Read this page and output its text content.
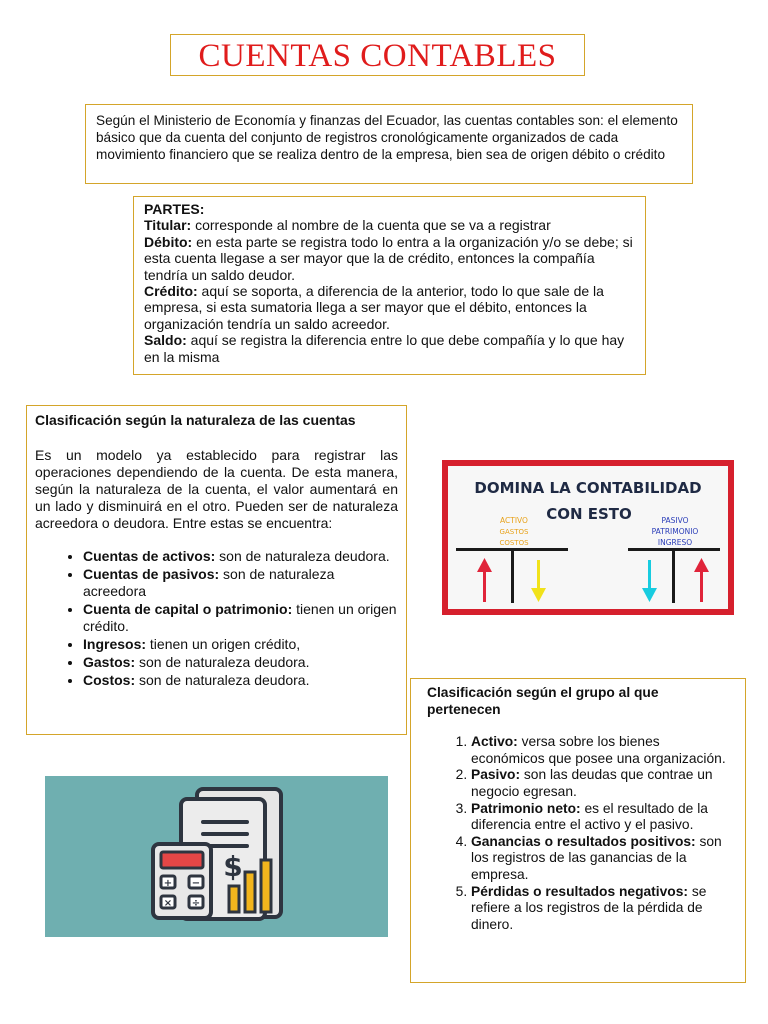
CUENTAS CONTABLES
Según el Ministerio de Economía y finanzas del Ecuador, las cuentas contables son: el elemento básico que da cuenta del conjunto de registros cronológicamente organizados de cada movimiento financiero que se realiza dentro de la empresa, bien sea de origen débito o crédito
PARTES:
Titular: corresponde al nombre de la cuenta que se va a registrar
Débito: en esta parte se registra todo lo entra a la organización y/o se debe; si esta cuenta llegase a ser mayor que la de crédito, entonces la compañía tendría un saldo deudor.
Crédito: aquí se soporta, a diferencia de la anterior, todo lo que sale de la empresa, si esta sumatoria llega a ser mayor que el débito, entonces la organización tendría un saldo acreedor.
Saldo: aquí se registra la diferencia entre lo que debe compañía y lo que hay en la misma
Clasificación según la naturaleza de las cuentas
Es un modelo ya establecido para registrar las operaciones dependiendo de la cuenta. De esta manera, según la naturaleza de la cuenta, el valor aumentará en un lado y disminuirá en el otro. Pueden ser de naturaleza acreedora o deudora. Entre estas se encuentra:
• Cuentas de activos: son de naturaleza deudora.
• Cuentas de pasivos: son de naturaleza acreedora
• Cuenta de capital o patrimonio: tienen un origen crédito.
• Ingresos: tienen un origen crédito,
• Gastos: son de naturaleza deudora.
• Costos: son de naturaleza deudora.
DOMINA LA CONTABILIDAD
CON ESTO
ACTIVO
GASTOS
COSTOS
PASIVO
PATRIMONIO
INGRESO
Clasificación según el grupo al que pertenecen
1. Activo: versa sobre los bienes económicos que posee una organización.
2. Pasivo: son las deudas que contrae un negocio egresan.
3. Patrimonio neto: es el resultado de la diferencia entre el activo y el pasivo.
4. Ganancias o resultados positivos: son los registros de las ganancias de la empresa.
5. Pérdidas o resultados negativos: se refiere a los registros de la pérdida de dinero.
$
+ −
× ÷
